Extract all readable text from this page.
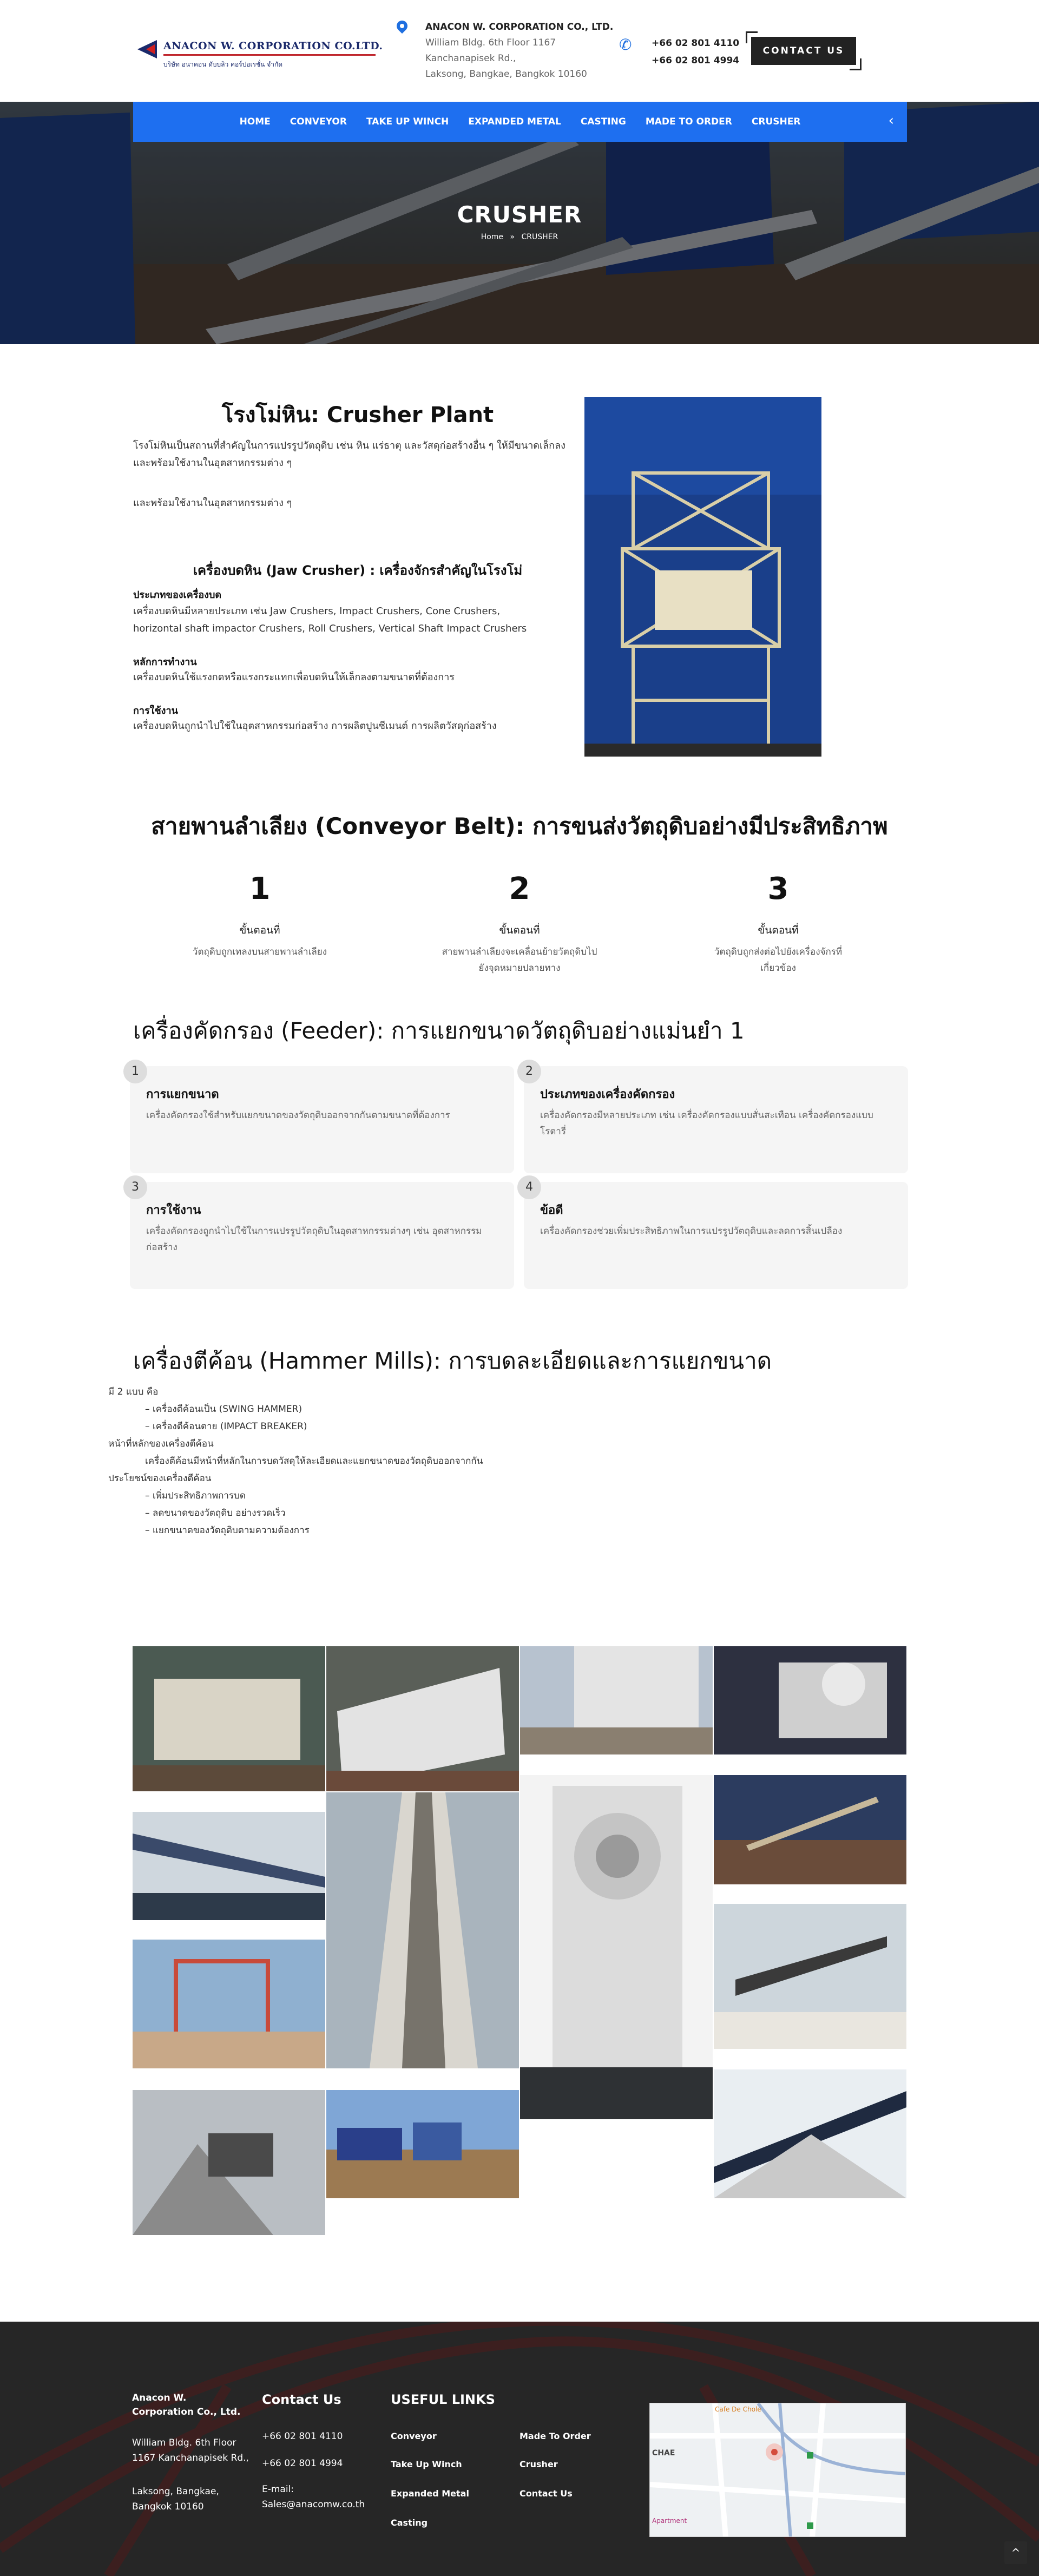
ANACON W. CORPORATION CO.LTD.
บริษัท อนาคอน ดับบลิว คอร์ปอเรชั่น จำกัด
ANACON W. CORPORATION CO., LTD.
William Bldg. 6th Floor 1167
Kanchanapisek Rd.,
Laksong, Bangkae, Bangkok 10160
✆ +66 02 801 4110
+66 02 801 4994
CONTACT US
HOME	CONVEYOR	TAKE UP WINCH	EXPANDED METAL	CASTING	MADE TO ORDER	CRUSHER	‹
CRUSHER
Home » CRUSHER
โรงโม่หิน: Crusher Plant
โรงโม่หินเป็นสถานที่สำคัญในการแปรรูปวัตถุดิบ เช่น หิน แร่ธาตุ และวัสดุก่อสร้างอื่น ๆ ให้มีขนาดเล็กลง และพร้อมใช้งานในอุตสาหกรรมต่าง ๆ
และพร้อมใช้งานในอุตสาหกรรมต่าง ๆ
เครื่องบดหิน (Jaw Crusher) : เครื่องจักรสำคัญในโรงโม่
ประเภทของเครื่องบด
เครื่องบดหินมีหลายประเภท เช่น Jaw Crushers, Impact Crushers, Cone Crushers, horizontal shaft impactor Crushers, Roll Crushers, Vertical Shaft Impact Crushers
หลักการทำงาน
เครื่องบดหินใช้แรงกดหรือแรงกระแทกเพื่อบดหินให้เล็กลงตามขนาดที่ต้องการ
การใช้งาน
เครื่องบดหินถูกนำไปใช้ในอุตสาหกรรมก่อสร้าง การผลิตปูนซีเมนต์ การผลิตวัสดุก่อสร้าง
สายพานลำเลียง (Conveyor Belt): การขนส่งวัตถุดิบอย่างมีประสิทธิภาพ
1
ขั้นตอนที่
วัตถุดิบถูกเทลงบนสายพานลำเลียง
2
ขั้นตอนที่
สายพานลำเลียงจะเคลื่อนย้ายวัตถุดิบไปยังจุดหมายปลายทาง
3
ขั้นตอนที่
วัตถุดิบถูกส่งต่อไปยังเครื่องจักรที่เกี่ยวข้อง
เครื่องคัดกรอง (Feeder): การแยกขนาดวัตถุดิบอย่างแม่นยำ 1
1
การแยกขนาด
เครื่องคัดกรองใช้สำหรับแยกขนาดของวัตถุดิบออกจากกันตามขนาดที่ต้องการ
2
ประเภทของเครื่องคัดกรอง
เครื่องคัดกรองมีหลายประเภท เช่น เครื่องคัดกรองแบบสั่นสะเทือน เครื่องคัดกรองแบบโรตารี่
3
การใช้งาน
เครื่องคัดกรองถูกนำไปใช้ในการแปรรูปวัตถุดิบในอุตสาหกรรมต่างๆ เช่น อุตสาหกรรมก่อสร้าง
4
ข้อดี
เครื่องคัดกรองช่วยเพิ่มประสิทธิภาพในการแปรรูปวัตถุดิบและลดการสิ้นเปลือง
เครื่องตีค้อน (Hammer Mills): การบดละเอียดและการแยกขนาด
มี 2 แบบ คือ
– เครื่องตีค้อนเป็น (SWING HAMMER)
– เครื่องตีค้อนตาย (IMPACT BREAKER)
หน้าที่หลักของเครื่องตีค้อน
เครื่องตีค้อนมีหน้าที่หลักในการบดวัสดุให้ละเอียดและแยกขนาดของวัตถุดิบออกจากกัน
ประโยชน์ของเครื่องตีค้อน
– เพิ่มประสิทธิภาพการบด
– ลดขนาดของวัตถุดิบ อย่างรวดเร็ว
– แยกขนาดของวัตถุดิบตามความต้องการ
Anacon W. Corporation Co., Ltd.
William Bldg. 6th Floor 1167 Kanchanapisek Rd.,
Laksong, Bangkae, Bangkok 10160
Contact Us
+66 02 801 4110
+66 02 801 4994
E-mail:
Sales@anacomw.co.th
USEFUL LINKS
Conveyor
Take Up Winch
Expanded Metal
Casting
Made To Order
Crusher
Contact Us
Cafe De Chole
Apartment
CHAE
^
